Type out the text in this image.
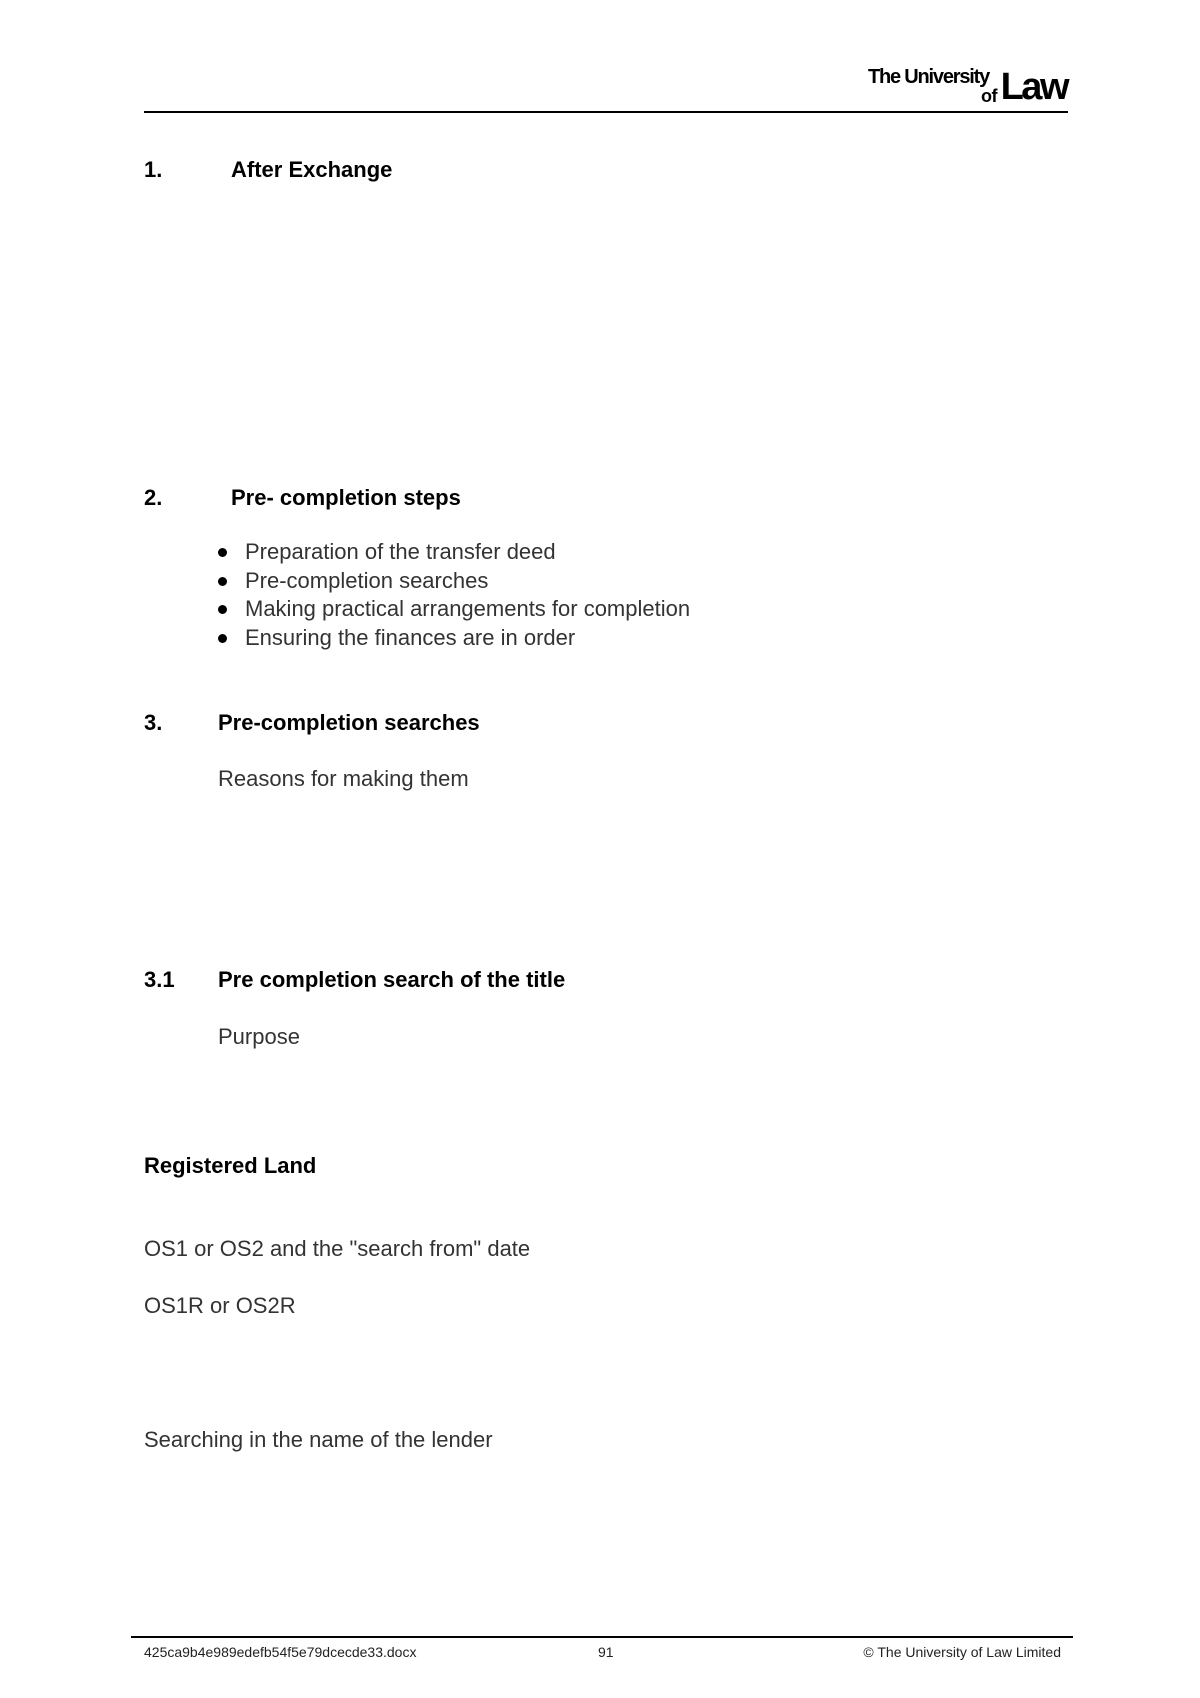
The University
of Law
1.	After Exchange
2.	Pre- completion steps
Preparation of the transfer deed
Pre-completion searches
Making practical arrangements for completion
Ensuring the finances are in order
3.	Pre-completion searches
Reasons for making them
3.1 Pre completion search of the title
Purpose
Registered Land
OS1 or OS2 and the "search from" date
OS1R or OS2R
Searching in the name of the lender
425ca9b4e989edefb54f5e79dcecde33.docx	91	© The University of Law Limited
